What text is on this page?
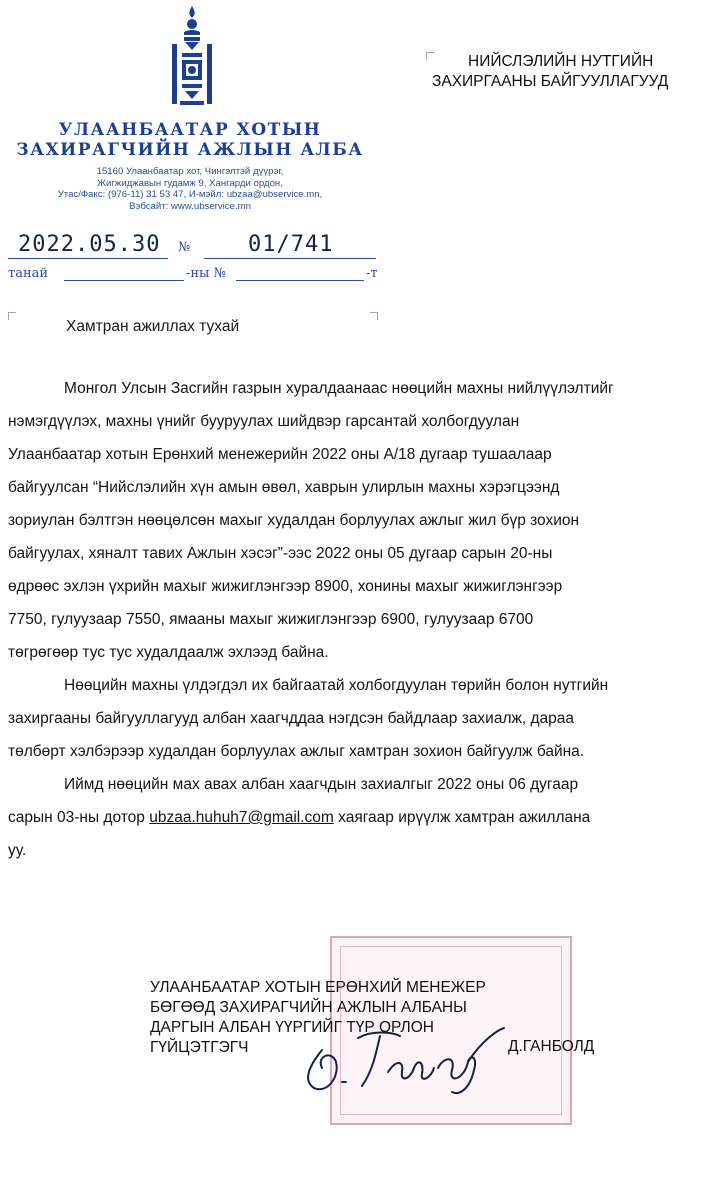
УЛААНБААТАР ХОТЫН
ЗАХИРАГЧИЙН АЖЛЫН АЛБА
15160 Улаанбаатар хот, Чингэлтэй дүүрэг,
Жигжиджавын гудамж 9, Хангарди ордон,
Утас/Факс: (976-11) 31 53 47, И-мэйл: ubzaa@ubservice.mn,
Вэбсайт: www.ubservice.mn
2022.05.30 №	01/741
танай	-ны №	-т
НИЙСЛЭЛИЙН НУТГИЙН
ЗАХИРГААНЫ БАЙГУУЛЛАГУУД
Хамтран ажиллах тухай
Монгол Улсын Засгийн газрын хуралдаанаас нөөцийн махны нийлүүлэлтийг
нэмэгдүүлэх, махны үнийг бууруулах шийдвэр гарсантай холбогдуулан
Улаанбаатар хотын Ерөнхий менежерийн 2022 оны А/18 дугаар тушаалаар
байгуулсан “Нийслэлийн хүн амын өвөл, хаврын улирлын махны хэрэгцээнд
зориулан бэлтгэн нөөцөлсөн махыг худалдан борлуулах ажлыг жил бүр зохион
байгуулах, хяналт тавих Ажлын хэсэг”-ээс 2022 оны 05 дугаар сарын 20-ны
өдрөөс эхлэн үхрийн махыг жижиглэнгээр 8900, хонины махыг жижиглэнгээр
7750, гулуузаар 7550, ямааны махыг жижиглэнгээр 6900, гулуузаар 6700
төгрөгөөр тус тус худалдаалж эхлээд байна.
Нөөцийн махны үлдэгдэл их байгаатай холбогдуулан төрийн болон нутгийн
захиргааны байгууллагууд албан хаагчддаа нэгдсэн байдлаар захиалж, дараа
төлбөрт хэлбэрээр худалдан борлуулах ажлыг хамтран зохион байгуулж байна.
Иймд нөөцийн мах авах албан хаагчдын захиалгыг 2022 оны 06 дугаар
сарын 03-ны дотор ubzaa.huhuh7@gmail.com хаягаар ирүүлж хамтран ажиллана
уу.
УЛААНБААТАР ХОТЫН ЕРӨНХИЙ МЕНЕЖЕР
БӨГӨӨД ЗАХИРАГЧИЙН АЖЛЫН АЛБАНЫ
ДАРГЫН АЛБАН ҮҮРГИЙГ ТҮР ОРЛОН
ГҮЙЦЭТГЭГЧ	Д.ГАНБОЛД
